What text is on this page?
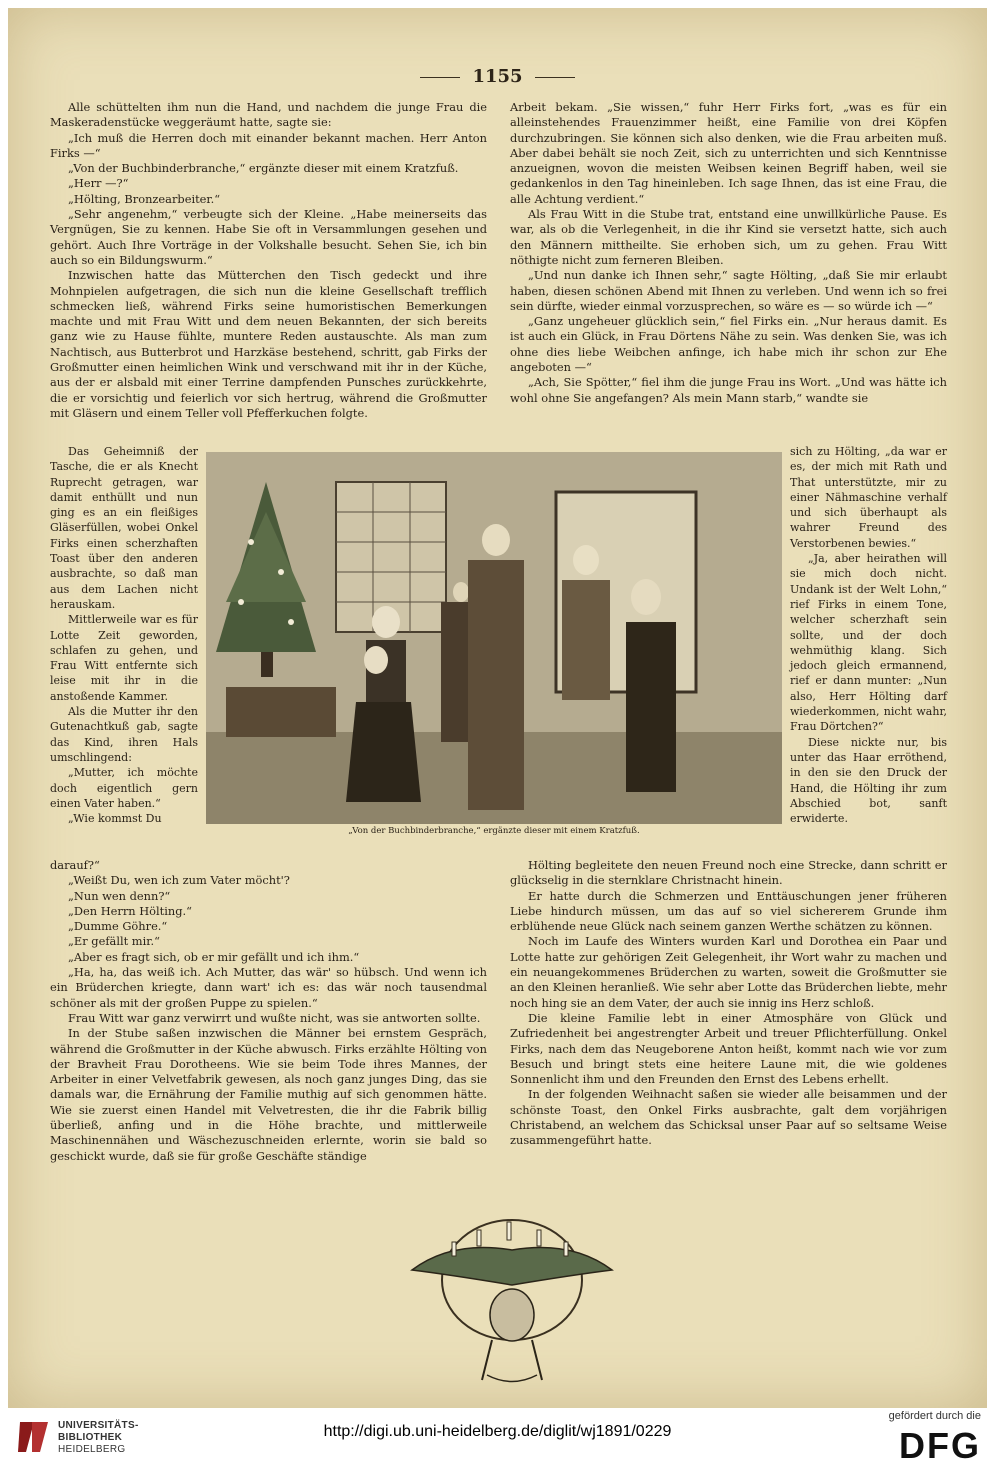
1155

Alle schüttelten ihm nun die Hand, und nachdem die junge Frau die Maskeradenstücke weggeräumt hatte, sagte sie:

„Ich muß die Herren doch mit einander bekannt machen. Herr Anton Firks —“

„Von der Buchbinderbranche,“ ergänzte dieser mit einem Kratzfuß.

„Herr —?“

„Hölting, Bronzearbeiter.“

„Sehr angenehm,“ verbeugte sich der Kleine. „Habe meinerseits das Vergnügen, Sie zu kennen. Habe Sie oft in Versammlungen gesehen und gehört. Auch Ihre Vorträge in der Volkshalle besucht. Sehen Sie, ich bin auch so ein Bildungswurm.“

Inzwischen hatte das Mütterchen den Tisch gedeckt und ihre Mohnpielen aufgetragen, die sich nun die kleine Gesellschaft trefflich schmecken ließ, während Firks seine humoristischen Bemerkungen machte und mit Frau Witt und dem neuen Bekannten, der sich bereits ganz wie zu Hause fühlte, muntere Reden austauschte. Als man zum Nachtisch, aus Butterbrot und Harzkäse bestehend, schritt, gab Firks der Großmutter einen heimlichen Wink und verschwand mit ihr in der Küche, aus der er alsbald mit einer Terrine dampfenden Punsches zurückkehrte, die er vorsichtig und feierlich vor sich hertrug, während die Großmutter mit Gläsern und einem Teller voll Pfefferkuchen folgte.

Arbeit bekam. „Sie wissen,“ fuhr Herr Firks fort, „was es für ein alleinstehendes Frauenzimmer heißt, eine Familie von drei Köpfen durchzubringen. Sie können sich also denken, wie die Frau arbeiten muß. Aber dabei behält sie noch Zeit, sich zu unterrichten und sich Kenntnisse anzueignen, wovon die meisten Weibsen keinen Begriff haben, weil sie gedankenlos in den Tag hineinleben. Ich sage Ihnen, das ist eine Frau, die alle Achtung verdient.“

Als Frau Witt in die Stube trat, entstand eine unwillkürliche Pause. Es war, als ob die Verlegenheit, in die ihr Kind sie versetzt hatte, sich auch den Männern mittheilte. Sie erhoben sich, um zu gehen. Frau Witt nöthigte nicht zum ferneren Bleiben.

„Und nun danke ich Ihnen sehr,“ sagte Hölting, „daß Sie mir erlaubt haben, diesen schönen Abend mit Ihnen zu verleben. Und wenn ich so frei sein dürfte, wieder einmal vorzusprechen, so wäre es — so würde ich —“

„Ganz ungeheuer glücklich sein,“ fiel Firks ein. „Nur heraus damit. Es ist auch ein Glück, in Frau Dörtens Nähe zu sein. Was denken Sie, was ich ohne dies liebe Weibchen anfinge, ich habe mich ihr schon zur Ehe angeboten —“

„Ach, Sie Spötter,“ fiel ihm die junge Frau ins Wort. „Und was hätte ich wohl ohne Sie angefangen? Als mein Mann starb,“ wandte sie

Das Geheimniß der Tasche, die er als Knecht Ruprecht getragen, war damit enthüllt und nun ging es an ein fleißiges Gläserfüllen, wobei Onkel Firks einen scherzhaften Toast über den anderen ausbrachte, so daß man aus dem Lachen nicht herauskam.

Mittlerweile war es für Lotte Zeit geworden, schlafen zu gehen, und Frau Witt entfernte sich leise mit ihr in die anstoßende Kammer.

Als die Mutter ihr den Gutenachtkuß gab, sagte das Kind, ihren Hals umschlingend:

„Mutter, ich möchte doch eigentlich gern einen Vater haben.“

„Wie kommst Du

„Von der Buchbinderbranche,“ ergänzte dieser mit einem Kratzfuß.

sich zu Hölting, „da war er es, der mich mit Rath und That unterstützte, mir zu einer Nähmaschine verhalf und sich überhaupt als wahrer Freund des Verstorbenen bewies.“

„Ja, aber heirathen will sie mich doch nicht. Undank ist der Welt Lohn,“ rief Firks in einem Tone, welcher scherzhaft sein sollte, und der doch wehmüthig klang. Sich jedoch gleich ermannend, rief er dann munter: „Nun also, Herr Hölting darf wiederkommen, nicht wahr, Frau Dörtchen?“

Diese nickte nur, bis unter das Haar erröthend, in den sie den Druck der Hand, die Hölting ihr zum Abschied bot, sanft erwiderte.

darauf?“

„Weißt Du, wen ich zum Vater möcht'?

„Nun wen denn?“

„Den Herrn Hölting.“

„Dumme Göhre.“

„Er gefällt mir.“

„Aber es fragt sich, ob er mir gefällt und ich ihm.“

„Ha, ha, das weiß ich. Ach Mutter, das wär' so hübsch. Und wenn ich ein Brüderchen kriegte, dann wart' ich es: das wär noch tausendmal schöner als mit der großen Puppe zu spielen.“

Frau Witt war ganz verwirrt und wußte nicht, was sie antworten sollte.

In der Stube saßen inzwischen die Männer bei ernstem Gespräch, während die Großmutter in der Küche abwusch. Firks erzählte Hölting von der Bravheit Frau Dorotheens. Wie sie beim Tode ihres Mannes, der Arbeiter in einer Velvetfabrik gewesen, als noch ganz junges Ding, das sie damals war, die Ernährung der Familie muthig auf sich genommen hätte. Wie sie zuerst einen Handel mit Velvetresten, die ihr die Fabrik billig überließ, anfing und in die Höhe brachte, und mittlerweile Maschinennähen und Wäschezuschneiden erlernte, worin sie bald so geschickt wurde, daß sie für große Geschäfte ständige

Hölting begleitete den neuen Freund noch eine Strecke, dann schritt er glückselig in die sternklare Christnacht hinein.

Er hatte durch die Schmerzen und Enttäuschungen jener früheren Liebe hindurch müssen, um das auf so viel sichererem Grunde ihm erblühende neue Glück nach seinem ganzen Werthe schätzen zu können.

Noch im Laufe des Winters wurden Karl und Dorothea ein Paar und Lotte hatte zur gehörigen Zeit Gelegenheit, ihr Wort wahr zu machen und ein neuangekommenes Brüderchen zu warten, soweit die Großmutter sie an den Kleinen heranließ. Wie sehr aber Lotte das Brüderchen liebte, mehr noch hing sie an dem Vater, der auch sie innig ins Herz schloß.

Die kleine Familie lebt in einer Atmosphäre von Glück und Zufriedenheit bei angestrengter Arbeit und treuer Pflichterfüllung. Onkel Firks, nach dem das Neugeborene Anton heißt, kommt nach wie vor zum Besuch und bringt stets eine heitere Laune mit, die wie goldenes Sonnenlicht ihm und den Freunden den Ernst des Lebens erhellt.

In der folgenden Weihnacht saßen sie wieder alle beisammen und der schönste Toast, den Onkel Firks ausbrachte, galt dem vorjährigen Christabend, an welchem das Schicksal unser Paar auf so seltsame Weise zusammengeführt hatte.

UNIVERSITÄTS-
BIBLIOTHEK
HEIDELBERG
http://digi.ub.uni-heidelberg.de/diglit/wj1891/0229
gefördert durch die
DFG
